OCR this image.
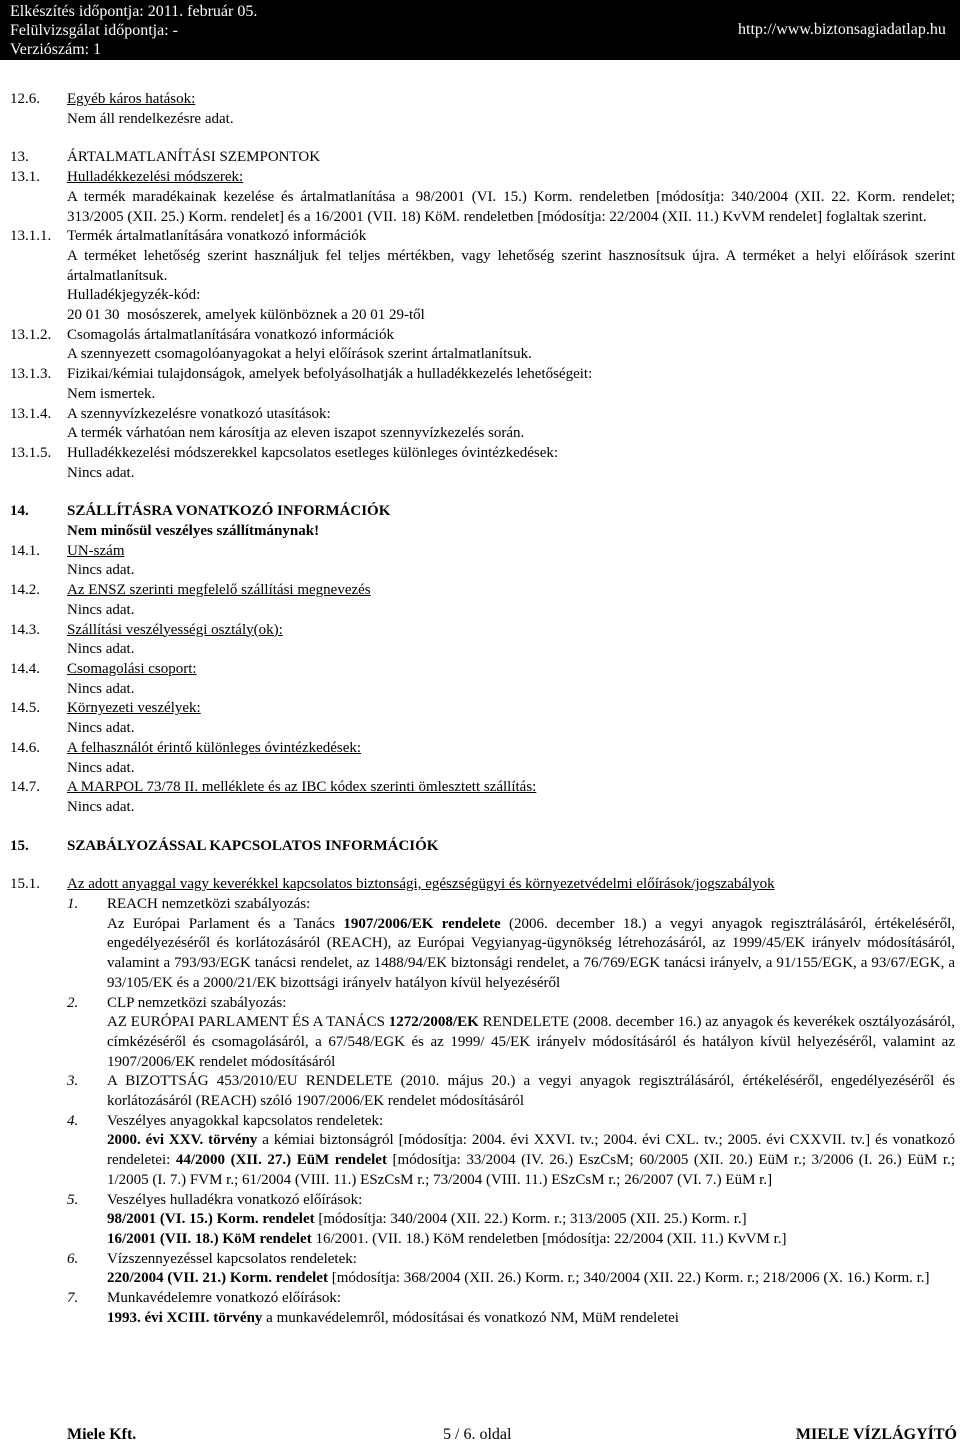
Elkészítés időpontja: 2011. február 05.
Felülvizsgálat időpontja: -
Verziószám: 1
http://www.biztonsagiadatlap.hu
12.6.	Egyéb káros hatások:
Nem áll rendelkezésre adat.
13.	ÁRTALMATLANÍTÁSI SZEMPONTOK
13.1.	Hulladékkezelési módszerek:
A termék maradékainak kezelése és ártalmatlanítása a 98/2001 (VI. 15.) Korm. rendeletben [módosítja: 340/2004 (XII. 22. Korm. rendelet; 313/2005 (XII. 25.) Korm. rendelet] és a 16/2001 (VII. 18) KöM. rendeletben [módosítja: 22/2004 (XII. 11.) KvVM rendelet] foglaltak szerint.
13.1.1.	Termék ártalmatlanítására vonatkozó információk
A terméket lehetőség szerint használjuk fel teljes mértékben, vagy lehetőség szerint hasznosítsuk újra. A terméket a helyi előírások szerint ártalmatlanítsuk.
Hulladékjegyzék-kód:
20 01 30  mosószerek, amelyek különböznek a 20 01 29-től
13.1.2.	Csomagolás ártalmatlanítására vonatkozó információk
A szennyezett csomagolóanyagokat a helyi előírások szerint ártalmatlanítsuk.
13.1.3.	Fizikai/kémiai tulajdonságok, amelyek befolyásolhatják a hulladékkezelés lehetőségeit:
Nem ismertek.
13.1.4.	A szennyvízkezelésre vonatkozó utasítások:
A termék várhatóan nem károsítja az eleven iszapot szennyvízkezelés során.
13.1.5.	Hulladékkezelési módszerekkel kapcsolatos esetleges különleges óvintézkedések:
Nincs adat.
14.	SZÁLLÍTÁSRA VONATKOZÓ INFORMÁCIÓK
Nem minősül veszélyes szállítmánynak!
14.1.	UN-szám
Nincs adat.
14.2.	Az ENSZ szerinti megfelelő szállítási megnevezés
Nincs adat.
14.3.	Szállítási veszélyességi osztály(ok):
Nincs adat.
14.4.	Csomagolási csoport:
Nincs adat.
14.5.	Környezeti veszélyek:
Nincs adat.
14.6.	A felhasználót érintő különleges óvintézkedések:
Nincs adat.
14.7.	A MARPOL 73/78 II. melléklete és az IBC kódex szerinti ömlesztett szállítás:
Nincs adat.
15.	SZABÁLYOZÁSSAL KAPCSOLATOS INFORMÁCIÓK
15.1.	Az adott anyaggal vagy keverékkel kapcsolatos biztonsági, egészségügyi és környezetvédelmi előírások/jogszabályok
1.	REACH nemzetközi szabályozás:
Az Európai Parlament és a Tanács 1907/2006/EK rendelete (2006. december 18.) a vegyi anyagok regisztrálásáról, értékeléséről, engedélyezéséről és korlátozásáról (REACH), az Európai Vegyianyag-ügynökség létrehozásáról, az 1999/45/EK irányelv módosításáról, valamint a 793/93/EGK tanácsi rendelet, az 1488/94/EK biztonsági rendelet, a 76/769/EGK tanácsi irányelv, a 91/155/EGK, a 93/67/EGK, a 93/105/EK és a 2000/21/EK bizottsági irányelv hatályon kívül helyezéséről
2.	CLP nemzetközi szabályozás:
AZ EURÓPAI PARLAMENT ÉS A TANÁCS 1272/2008/EK RENDELETE (2008. december 16.) az anyagok és keverékek osztályozásáról, címkézéséről és csomagolásáról, a 67/548/EGK és az 1999/ 45/EK irányelv módosításáról és hatályon kívül helyezéséről, valamint az 1907/2006/EK rendelet módosításáról
3.	A BIZOTTSÁG 453/2010/EU RENDELETE (2010. május 20.) a vegyi anyagok regisztrálásáról, értékeléséről, engedélyezéséről és korlátozásáról (REACH) szóló 1907/2006/EK rendelet módosításáról
4.	Veszélyes anyagokkal kapcsolatos rendeletek:
2000. évi XXV. törvény a kémiai biztonságról [módosítja: 2004. évi XXVI. tv.; 2004. évi CXL. tv.; 2005. évi CXXVII. tv.] és vonatkozó rendeletei: 44/2000 (XII. 27.) EüM rendelet [módosítja: 33/2004 (IV. 26.) EszCsM; 60/2005 (XII. 20.) EüM r.; 3/2006 (I. 26.) EüM r.; 1/2005 (I. 7.) FVM r.; 61/2004 (VIII. 11.) ESzCsM r.; 73/2004 (VIII. 11.) ESzCsM r.; 26/2007 (VI. 7.) EüM r.]
5.	Veszélyes hulladékra vonatkozó előírások:
98/2001 (VI. 15.) Korm. rendelet [módosítja: 340/2004 (XII. 22.) Korm. r.; 313/2005 (XII. 25.) Korm. r.]
16/2001 (VII. 18.) KöM rendelet 16/2001. (VII. 18.) KöM rendeletben [módosítja: 22/2004 (XII. 11.) KvVM r.]
6.	Vízszennyezéssel kapcsolatos rendeletek:
220/2004 (VII. 21.) Korm. rendelet [módosítja: 368/2004 (XII. 26.) Korm. r.; 340/2004 (XII. 22.) Korm. r.; 218/2006 (X. 16.) Korm. r.]
7.	Munkavédelemre vonatkozó előírások:
1993. évi XCIII. törvény a munkavédelemről, módosításai és vonatkozó NM, MüM rendeletei
Miele Kft.	5 / 6. oldal	MIELE VÍZLÁGYÍTÓ
